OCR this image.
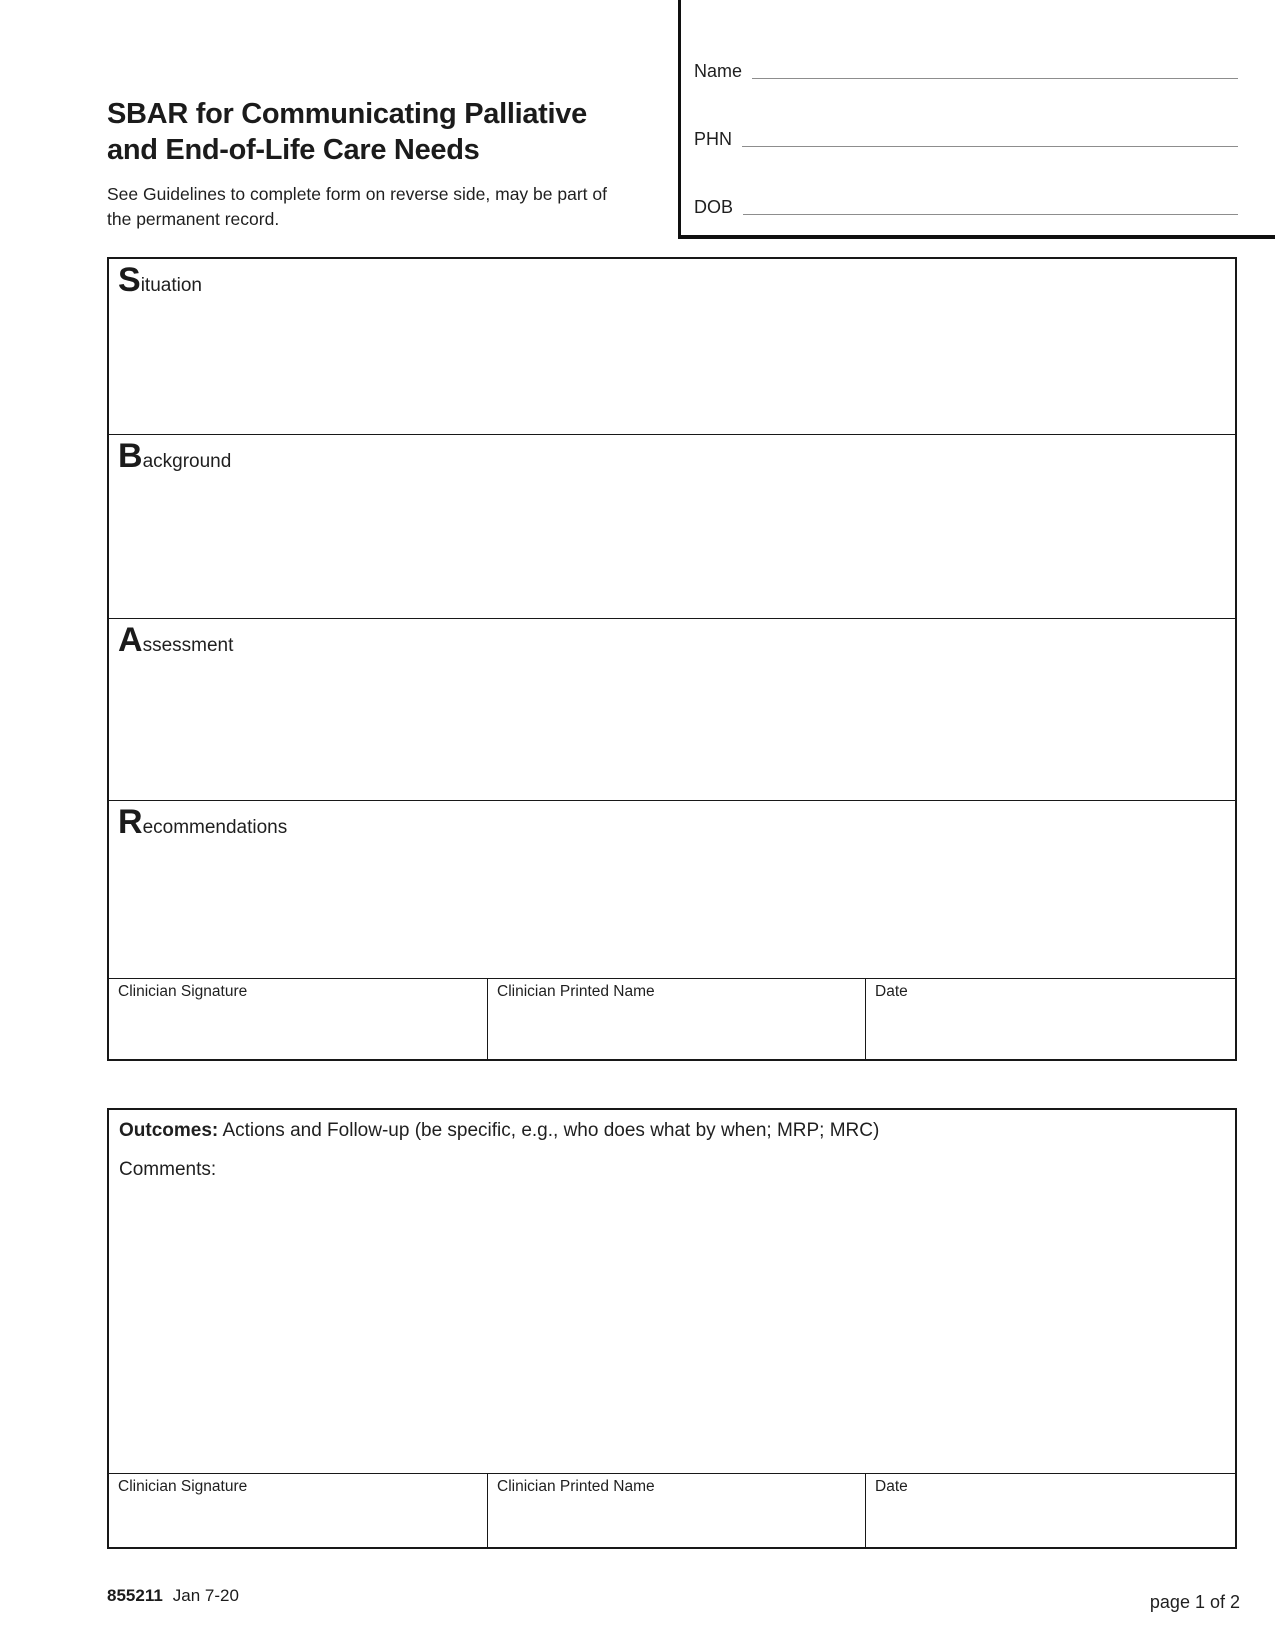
SBAR for Communicating Palliative
and End-of-Life Care Needs
See Guidelines to complete form on reverse side, may be part of the permanent record.
Name
PHN
DOB
Situation
Background
Assessment
Recommendations
Clinician Signature	Clinician Printed Name	Date
Outcomes: Actions and Follow-up (be specific, e.g., who does what by when; MRP; MRC)
Comments:
Clinician Signature	Clinician Printed Name	Date
855211 Jan 7-20	page 1 of 2
